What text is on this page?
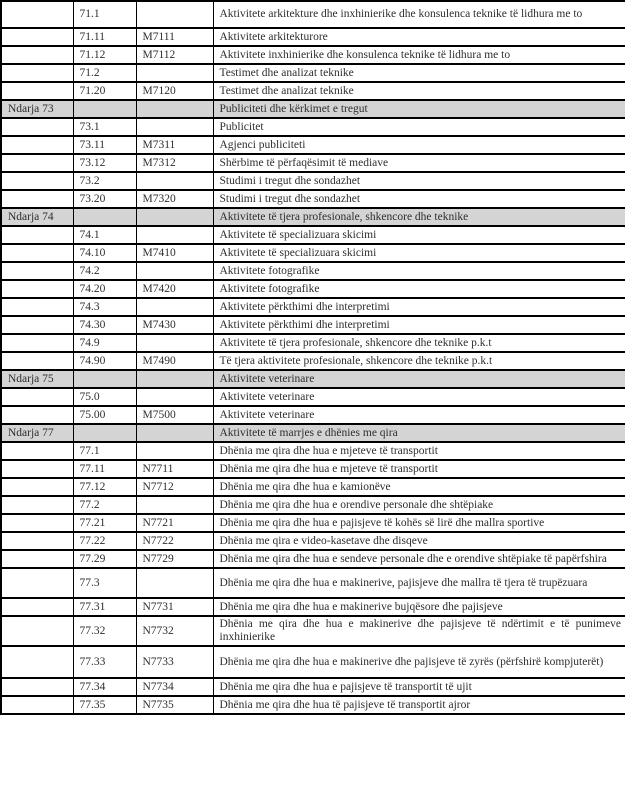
	71.1		Aktivitete arkitekture dhe inxhinierike dhe konsulenca teknike të lidhura me to
	71.11	M7111	Aktivitete arkitekturore
	71.12	M7112	Aktivitete inxhinierike dhe konsulenca teknike të lidhura me to
	71.2		Testimet dhe analizat teknike
	71.20	M7120	Testimet dhe analizat teknike
Ndarja 73			Publiciteti dhe kërkimet e tregut
	73.1		Publicitet
	73.11	M7311	Agjenci publiciteti
	73.12	M7312	Shërbime të përfaqësimit të mediave
	73.2		Studimi i tregut dhe sondazhet
	73.20	M7320	Studimi i tregut dhe sondazhet
Ndarja 74			Aktivitete të tjera profesionale, shkencore dhe teknike
	74.1		Aktivitete të specializuara skicimi
	74.10	M7410	Aktivitete të specializuara skicimi
	74.2		Aktivitete fotografike
	74.20	M7420	Aktivitete fotografike
	74.3		Aktivitete përkthimi dhe interpretimi
	74.30	M7430	Aktivitete përkthimi dhe interpretimi
	74.9		Aktivitete të tjera profesionale, shkencore dhe teknike p.k.t
	74.90	M7490	Të tjera aktivitete profesionale, shkencore dhe teknike p.k.t
Ndarja 75			Aktivitete veterinare
	75.0		Aktivitete veterinare
	75.00	M7500	Aktivitete veterinare
Ndarja 77			Aktivitete të marrjes e dhënies me qira
	77.1		Dhënia me qira dhe hua e mjeteve të transportit
	77.11	N7711	Dhënia me qira dhe hua e mjeteve të transportit
	77.12	N7712	Dhënia me qira dhe hua e kamionëve
	77.2		Dhënia me qira dhe hua e orendive personale dhe shtëpiake
	77.21	N7721	Dhënia me qira dhe hua e pajisjeve të kohës së lirë dhe mallra sportive
	77.22	N7722	Dhënia me qira e video-kasetave dhe disqeve
	77.29	N7729	Dhënia me qira dhe hua e sendeve personale dhe e orendive shtëpiake të papërfshira
	77.3		Dhënia me qira dhe hua e makinerive, pajisjeve dhe mallra të tjera të trupëzuara
	77.31	N7731	Dhënia me qira dhe hua e makinerive bujqësore dhe pajisjeve
	77.32	N7732	Dhënia me qira dhe hua e makinerive dhe pajisjeve të ndërtimit e të punimeve inxhinierike
	77.33	N7733	Dhënia me qira dhe hua e makinerive dhe pajisjeve të zyrës (përfshirë kompjuterët)
	77.34	N7734	Dhënia me qira dhe hua e pajisjeve të transportit të ujit
	77.35	N7735	Dhënia me qira dhe hua të pajisjeve të transportit ajror
